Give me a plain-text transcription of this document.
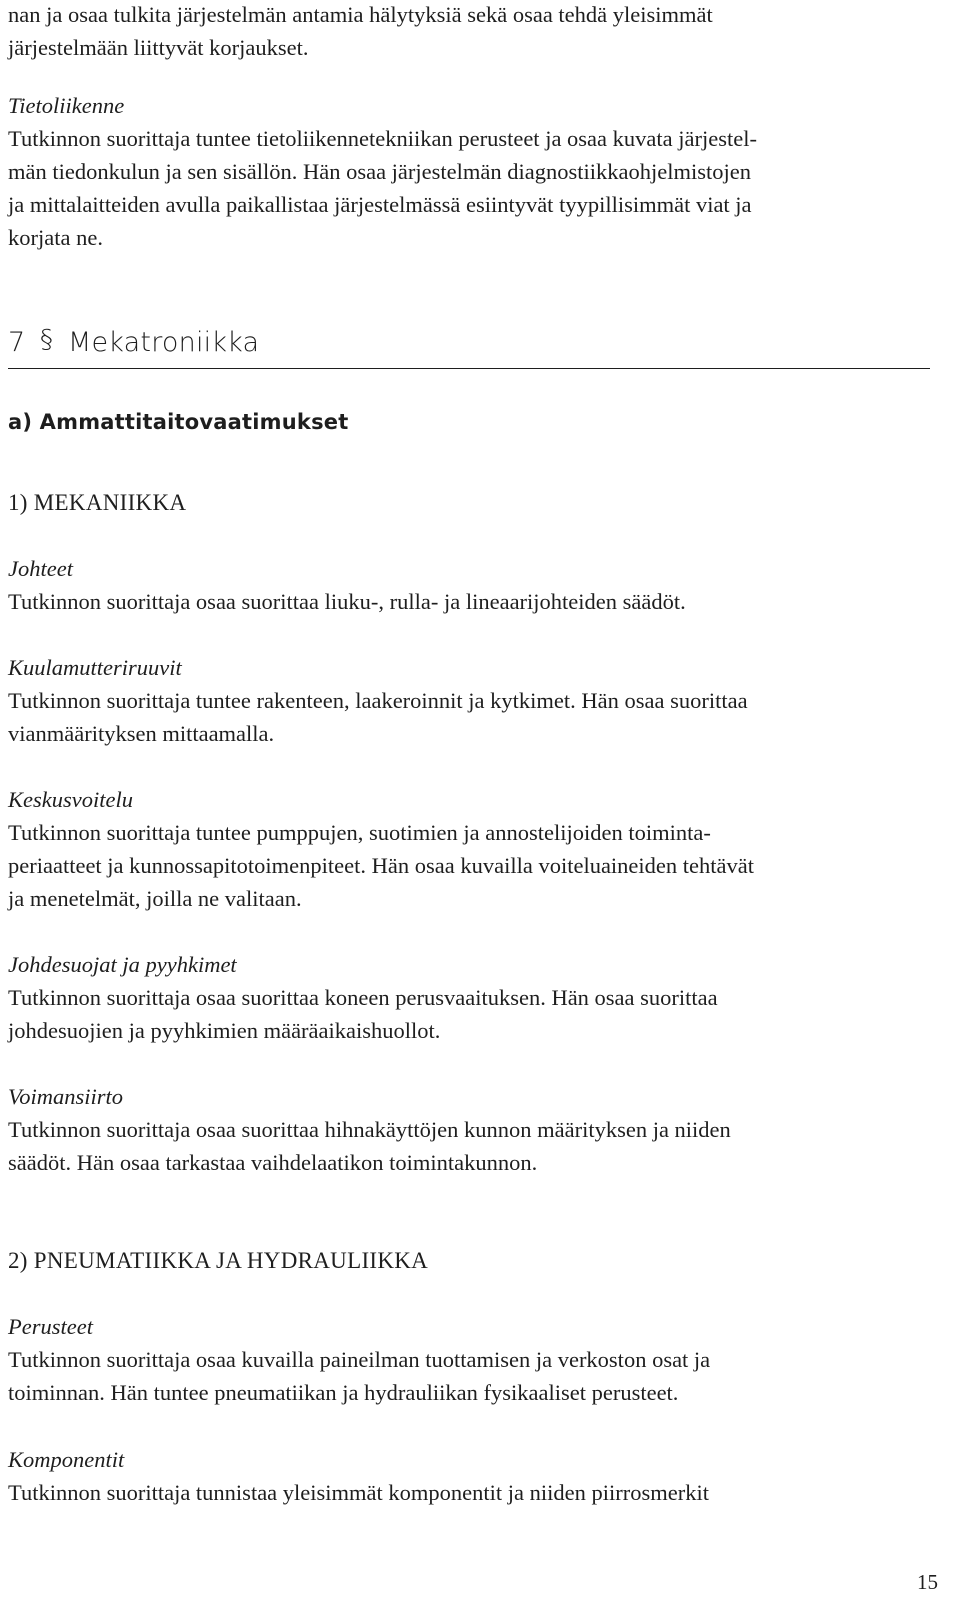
nan ja osaa tulkita järjestelmän antamia hälytyksiä sekä osaa tehdä yleisimmät
järjestelmään liittyvät korjaukset.

Tietoliikenne

Tutkinnon suorittaja tuntee tietoliikennetekniikan perusteet ja osaa kuvata järjestel-
män tiedonkulun ja sen sisällön. Hän osaa järjestelmän diagnostiikkaohjelmistojen
ja mittalaitteiden avulla paikallistaa järjestelmässä esiintyvät tyypillisimmät viat ja
korjata ne.

7 § Mekatroniikka
a) Ammattitaitovaatimukset

1) MEKANIIKKA

Johteet

Tutkinnon suorittaja osaa suorittaa liuku-, rulla- ja lineaarijohteiden säädöt.

Kuulamutteriruuvit

Tutkinnon suorittaja tuntee rakenteen, laakeroinnit ja kytkimet. Hän osaa suorittaa
vianmäärityksen mittaamalla.

Keskusvoitelu

Tutkinnon suorittaja tuntee pumppujen, suotimien ja annostelijoiden toiminta-
periaatteet ja kunnossapitotoimenpiteet. Hän osaa kuvailla voiteluaineiden tehtävät
ja menetelmät, joilla ne valitaan.

Johdesuojat ja pyyhkimet

Tutkinnon suorittaja osaa suorittaa koneen perusvaaituksen. Hän osaa suorittaa
johdesuojien ja pyyhkimien määräaikaishuollot.

Voimansiirto

Tutkinnon suorittaja osaa suorittaa hihnakäyttöjen kunnon määrityksen ja niiden
säädöt. Hän osaa tarkastaa vaihdelaatikon toimintakunnon.

2) PNEUMATIIKKA JA HYDRAULIIKKA

Perusteet

Tutkinnon suorittaja osaa kuvailla paineilman tuottamisen ja verkoston osat ja
toiminnan. Hän tuntee pneumatiikan ja hydrauliikan fysikaaliset perusteet.

Komponentit

Tutkinnon suorittaja tunnistaa yleisimmät komponentit ja niiden piirrosmerkit

15
